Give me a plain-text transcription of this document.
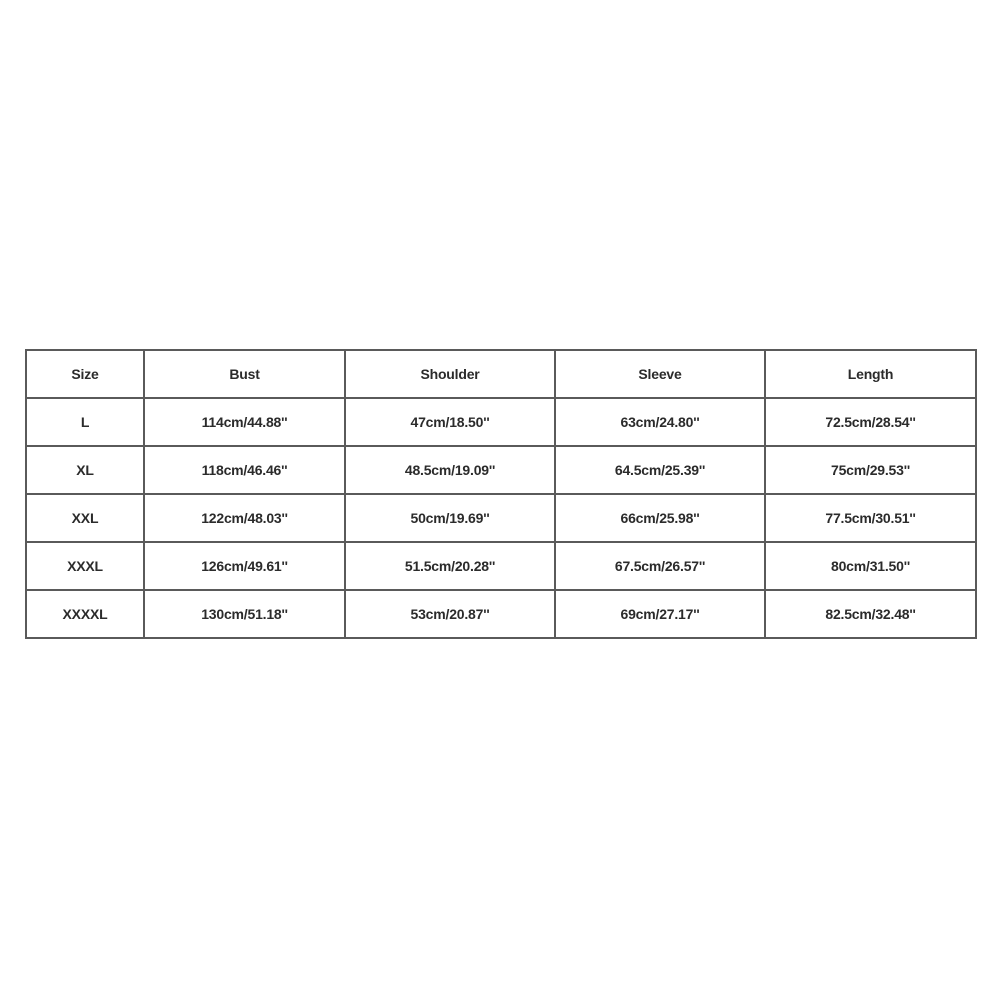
Size	Bust	Shoulder	Sleeve	Length
L	114cm/44.88''	47cm/18.50''	63cm/24.80''	72.5cm/28.54''
XL	118cm/46.46''	48.5cm/19.09''	64.5cm/25.39''	75cm/29.53''
XXL	122cm/48.03''	50cm/19.69''	66cm/25.98''	77.5cm/30.51''
XXXL	126cm/49.61''	51.5cm/20.28''	67.5cm/26.57''	80cm/31.50''
XXXXL	130cm/51.18''	53cm/20.87''	69cm/27.17''	82.5cm/32.48''
